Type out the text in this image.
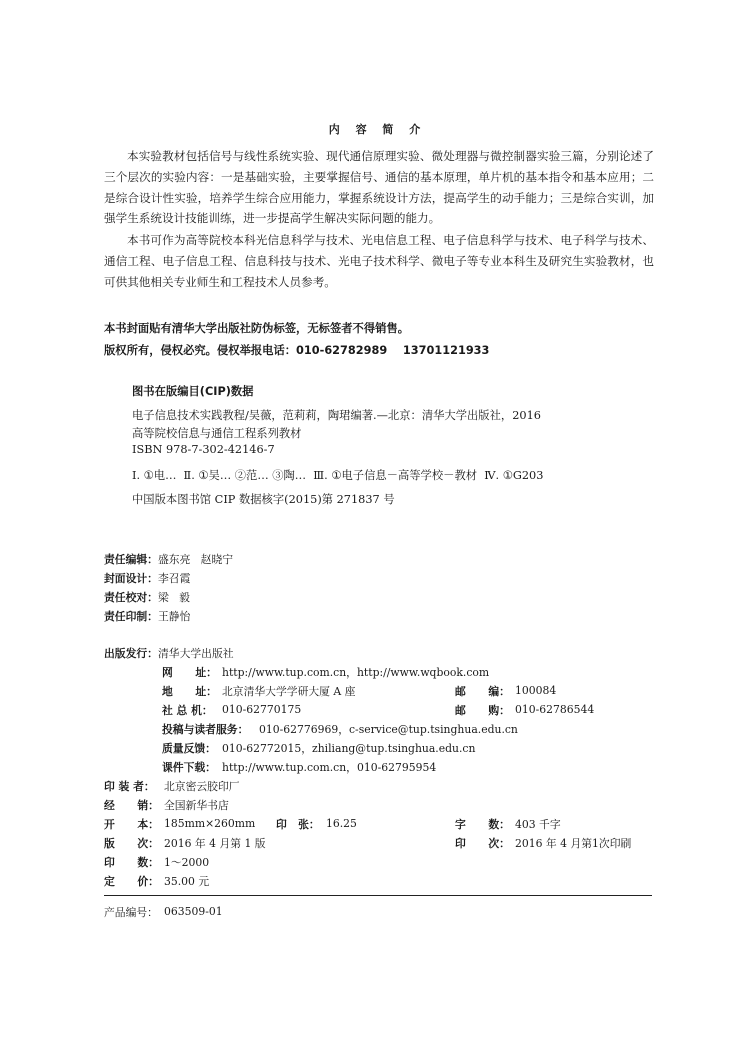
内 容 简 介
本实验教材包括信号与线性系统实验、现代通信原理实验、微处理器与微控制器实验三篇，分别论述了三个层次的实验内容：一是基础实验，主要掌握信号、通信的基本原理，单片机的基本指令和基本应用；二是综合设计性实验，培养学生综合应用能力，掌握系统设计方法，提高学生的动手能力；三是综合实训，加强学生系统设计技能训练，进一步提高学生解决实际问题的能力。
本书可作为高等院校本科光信息科学与技术、光电信息工程、电子信息科学与技术、电子科学与技术、通信工程、电子信息工程、信息科技与技术、光电子技术科学、微电子等专业本科生及研究生实验教材，也可供其他相关专业师生和工程技术人员参考。
本书封面贴有清华大学出版社防伪标签，无标签者不得销售。
版权所有，侵权必究。侵权举报电话：010-62782989    13701121933
图书在版编目(CIP)数据
电子信息技术实践教程/吴薇，范莉莉，陶珺编著.—北京：清华大学出版社，2016
高等院校信息与通信工程系列教材
ISBN 978-7-302-42146-7
Ⅰ. ①电…  Ⅱ. ①吴… ②范… ③陶…  Ⅲ. ①电子信息－高等学校－教材  Ⅳ. ①G203
中国版本图书馆 CIP 数据核字(2015)第 271837 号
责任编辑：盛东亮   赵晓宁
封面设计：李召霞
责任校对：梁   毅
责任印制：王静怡
出版发行：清华大学出版社
网      址： http://www.tup.com.cn，http://www.wqbook.com
地      址： 北京清华大学学研大厦 A 座	邮      编： 100084
社 总 机： 010-62770175	邮      购： 010-62786544
投稿与读者服务： 010-62776969，c-service@tup.tsinghua.edu.cn
质量反馈： 010-62772015，zhiliang@tup.tsinghua.edu.cn
课件下载： http://www.tup.com.cn，010-62795954
印 装 者： 北京密云胶印厂
经      销： 全国新华书店
开      本： 185mm×260mm 印   张： 16.25	字      数： 403 千字
版      次： 2016 年 4 月第 1 版	印      次： 2016 年 4 月第1次印刷
印      数： 1～2000
定      价： 35.00 元
产品编号： 063509-01
